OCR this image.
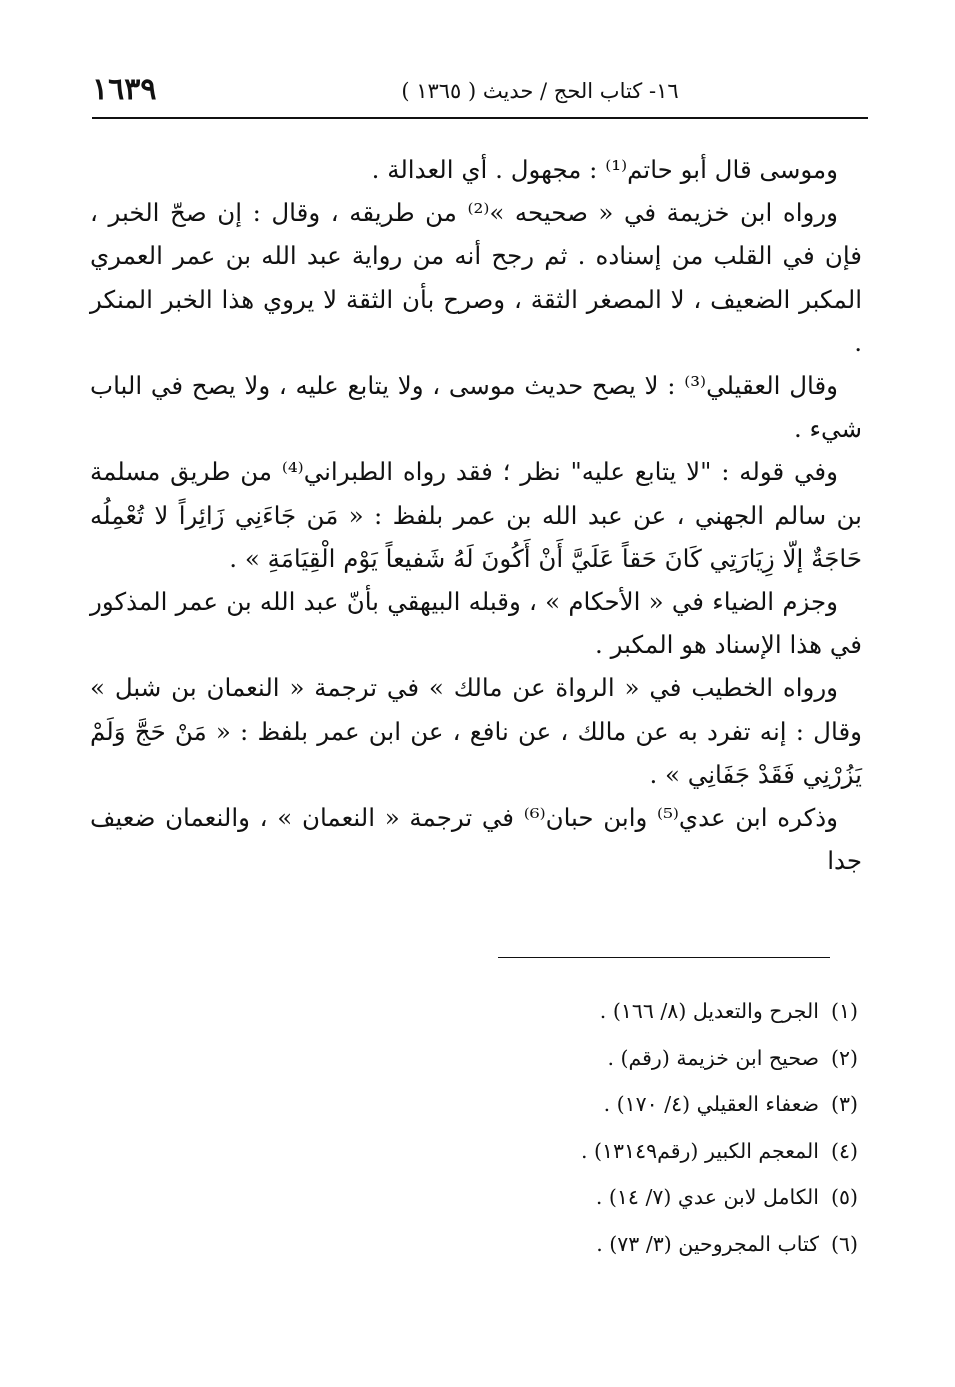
١٦٣٩	١٦- كتاب الحج / حديث ( ١٣٦٥ )

وموسى قال أبو حاتم⁽¹⁾ : مجهول . أي العدالة .

ورواه ابن خزيمة في « صحيحه »⁽²⁾ من طريقه ، وقال : إن صحّ الخبر ، فإن في القلب من إسناده . ثم رجح أنه من رواية عبد الله بن عمر العمري المكبر الضعيف ، لا المصغر الثقة ، وصرح بأن الثقة لا يروي هذا الخبر المنكر .

وقال العقيلي⁽³⁾ : لا يصح حديث موسى ، ولا يتابع عليه ، ولا يصح في الباب شيء .

وفي قوله : "لا يتابع عليه" نظر ؛ فقد رواه الطبراني⁽⁴⁾ من طريق مسلمة بن سالم الجهني ، عن عبد الله بن عمر بلفظ : « مَن جَاءَنِي زَائِراً لا تُعْمِلُه حَاجَةٌ إلّا زِيَارَتِي كَانَ حَقاً عَلَيَّ أَنْ أَكُونَ لَهُ شَفيعاً يَوْم الْقِيَامَةِ » .

وجزم الضياء في « الأحكام » ، وقبله البيهقي بأنّ عبد الله بن عمر المذكور في هذا الإسناد هو المكبر .

ورواه الخطيب في « الرواة عن مالك » في ترجمة « النعمان بن شبل » وقال : إنه تفرد به عن مالك ، عن نافع ، عن ابن عمر بلفظ : « مَنْ حَجَّ وَلَمْ يَزُرْنِي فَقَدْ جَفَانِي » .

وذكره ابن عدي⁽⁵⁾ وابن حبان⁽⁶⁾ في ترجمة « النعمان » ، والنعمان ضعيف جدا

(١)الجرح والتعديل (٨/ ١٦٦) .
(٢)صحيح ابن خزيمة (رقم) .
(٣)ضعفاء العقيلي (٤/ ١٧٠) .
(٤)المعجم الكبير (رقم١٣١٤٩) .
(٥)الكامل لابن عدي (٧/ ١٤) .
(٦)كتاب المجروحين (٣/ ٧٣) .
